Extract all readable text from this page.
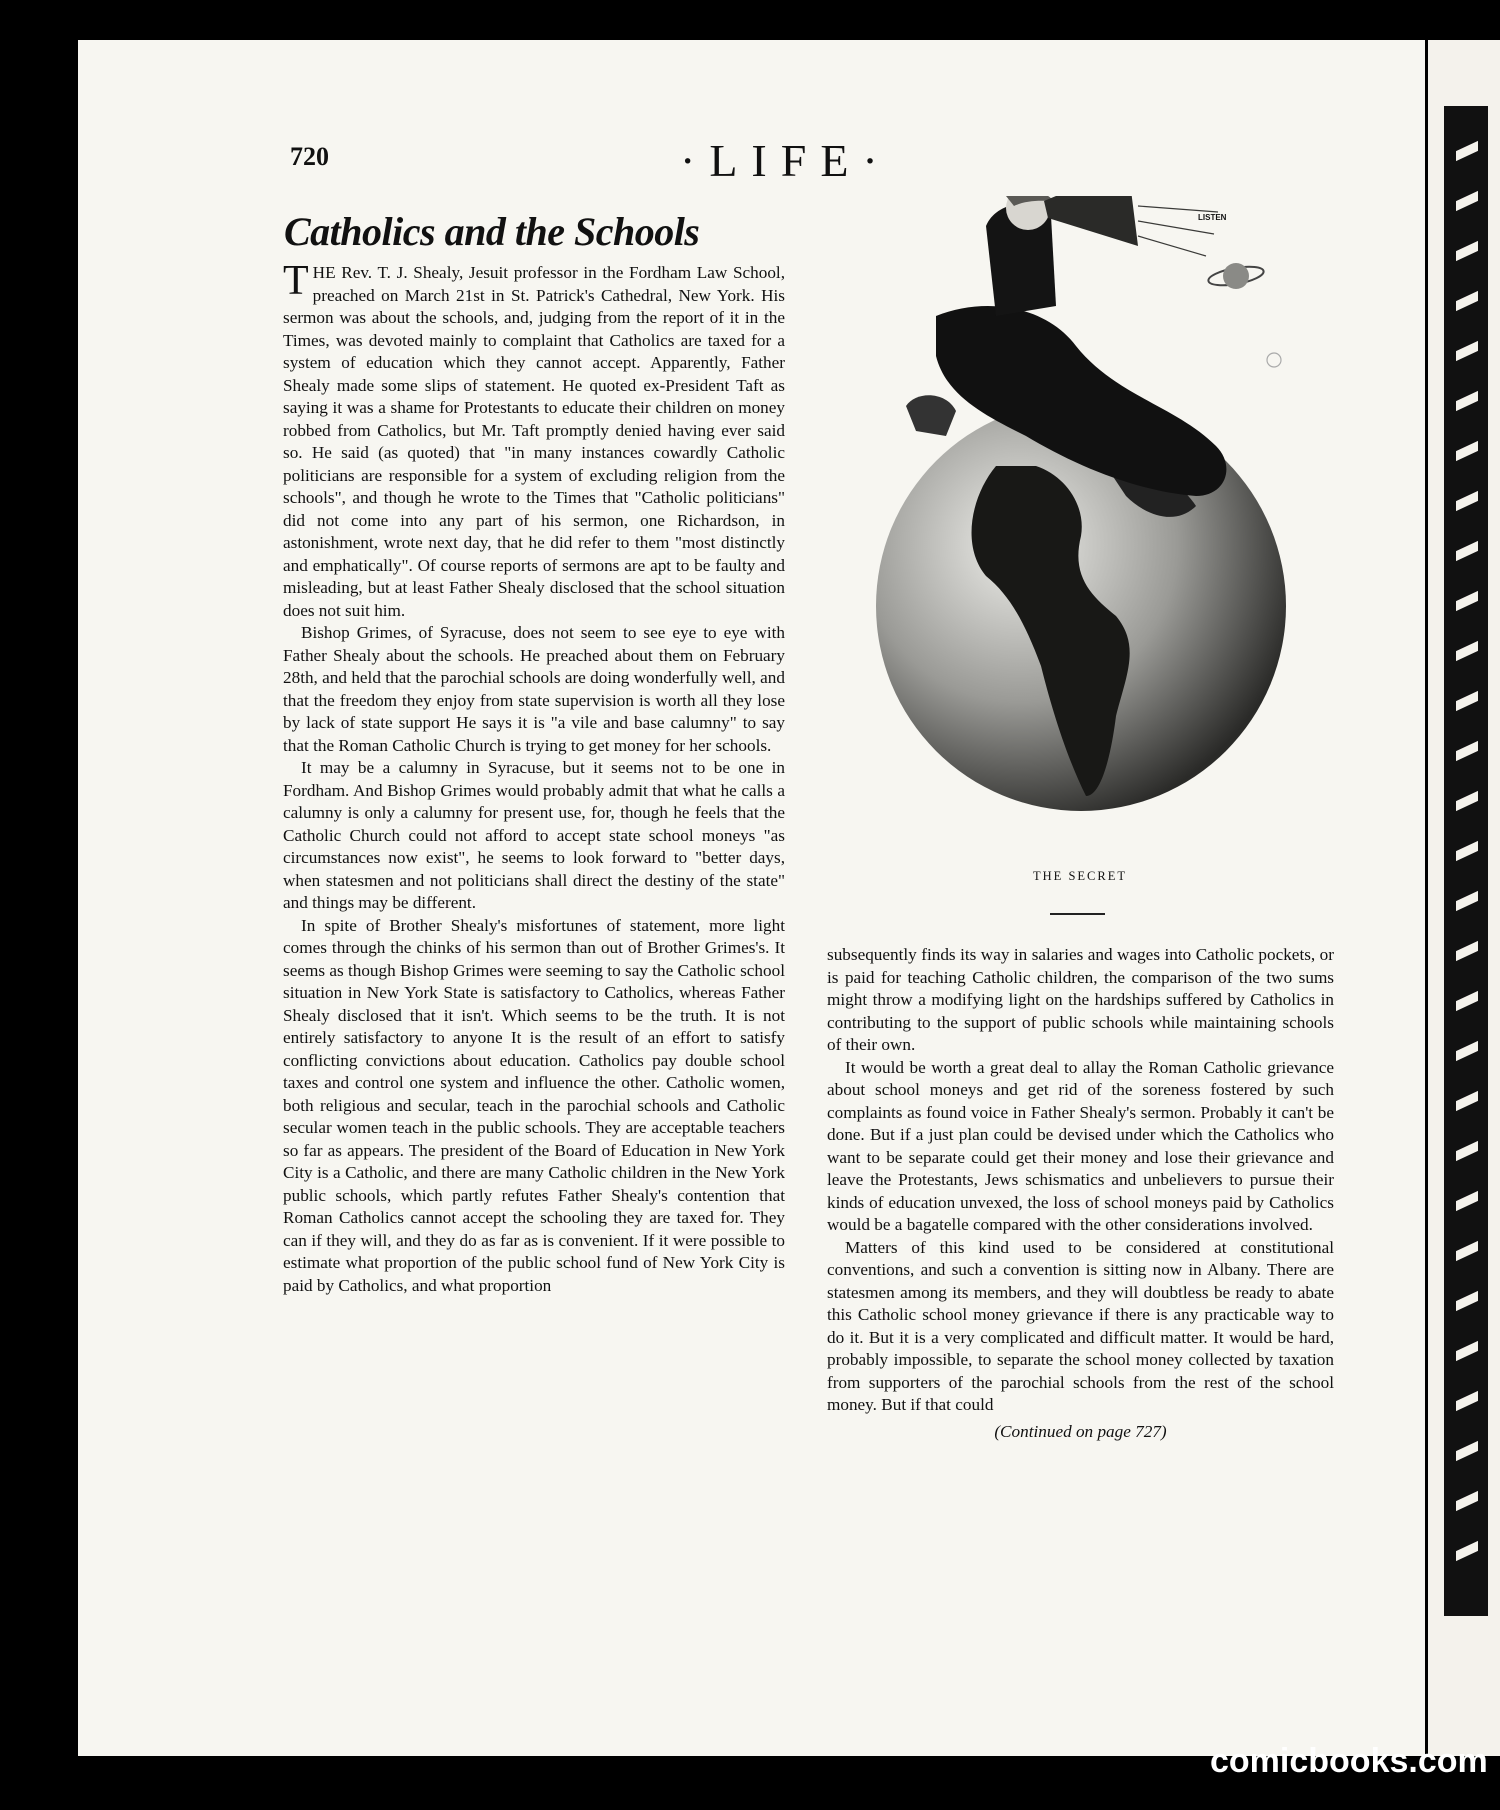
720	·LIFE·
Catholics and the Schools

THE Rev. T. J. Shealy, Jesuit professor in the Fordham Law School, preached on March 21st in St. Patrick's Cathedral, New York. His sermon was about the schools, and, judging from the report of it in the Times, was devoted mainly to complaint that Catholics are taxed for a system of education which they cannot accept. Apparently, Father Shealy made some slips of statement. He quoted ex-President Taft as saying it was a shame for Protestants to educate their children on money robbed from Catholics, but Mr. Taft promptly denied having ever said so. He said (as quoted) that "in many instances cowardly Catholic politicians are responsible for a system of excluding religion from the schools", and though he wrote to the Times that "Catholic politicians" did not come into any part of his sermon, one Richardson, in astonishment, wrote next day, that he did refer to them "most distinctly and emphatically". Of course reports of sermons are apt to be faulty and misleading, but at least Father Shealy disclosed that the school situation does not suit him.

Bishop Grimes, of Syracuse, does not seem to see eye to eye with Father Shealy about the schools. He preached about them on February 28th, and held that the parochial schools are doing wonderfully well, and that the freedom they enjoy from state supervision is worth all they lose by lack of state support He says it is "a vile and base calumny" to say that the Roman Catholic Church is trying to get money for her schools.

It may be a calumny in Syracuse, but it seems not to be one in Fordham. And Bishop Grimes would probably admit that what he calls a calumny is only a calumny for present use, for, though he feels that the Catholic Church could not afford to accept state school moneys "as circumstances now exist", he seems to look forward to "better days, when statesmen and not politicians shall direct the destiny of the state" and things may be different.

In spite of Brother Shealy's misfortunes of statement, more light comes through the chinks of his sermon than out of Brother Grimes's. It seems as though Bishop Grimes were seeming to say the Catholic school situation in New York State is satisfactory to Catholics, whereas Father Shealy disclosed that it isn't. Which seems to be the truth. It is not entirely satisfactory to anyone It is the result of an effort to satisfy conflicting convictions about education. Catholics pay double school taxes and control one system and influence the other. Catholic women, both religious and secular, teach in the parochial schools and Catholic secular women teach in the public schools. They are acceptable teachers so far as appears. The president of the Board of Education in New York City is a Catholic, and there are many Catholic children in the New York public schools, which partly refutes Father Shealy's contention that Roman Catholics cannot accept the schooling they are taxed for. They can if they will, and they do as far as is convenient. If it were possible to estimate what proportion of the public school fund of New York City is paid by Catholics, and what proportion

LISTEN
THE SECRET

subsequently finds its way in salaries and wages into Catholic pockets, or is paid for teaching Catholic children, the comparison of the two sums might throw a modifying light on the hardships suffered by Catholics in contributing to the support of public schools while maintaining schools of their own.

It would be worth a great deal to allay the Roman Catholic grievance about school moneys and get rid of the soreness fostered by such complaints as found voice in Father Shealy's sermon. Probably it can't be done. But if a just plan could be devised under which the Catholics who want to be separate could get their money and lose their grievance and leave the Protestants, Jews schismatics and unbelievers to pursue their kinds of education unvexed, the loss of school moneys paid by Catholics would be a bagatelle compared with the other considerations involved.

Matters of this kind used to be considered at constitutional conventions, and such a convention is sitting now in Albany. There are statesmen among its members, and they will doubtless be ready to abate this Catholic school money grievance if there is any practicable way to do it. But it is a very complicated and difficult matter. It would be hard, probably impossible, to separate the school money collected by taxation from supporters of the parochial schools from the rest of the school money. But if that could

(Continued on page 727)
comicbooks.com
